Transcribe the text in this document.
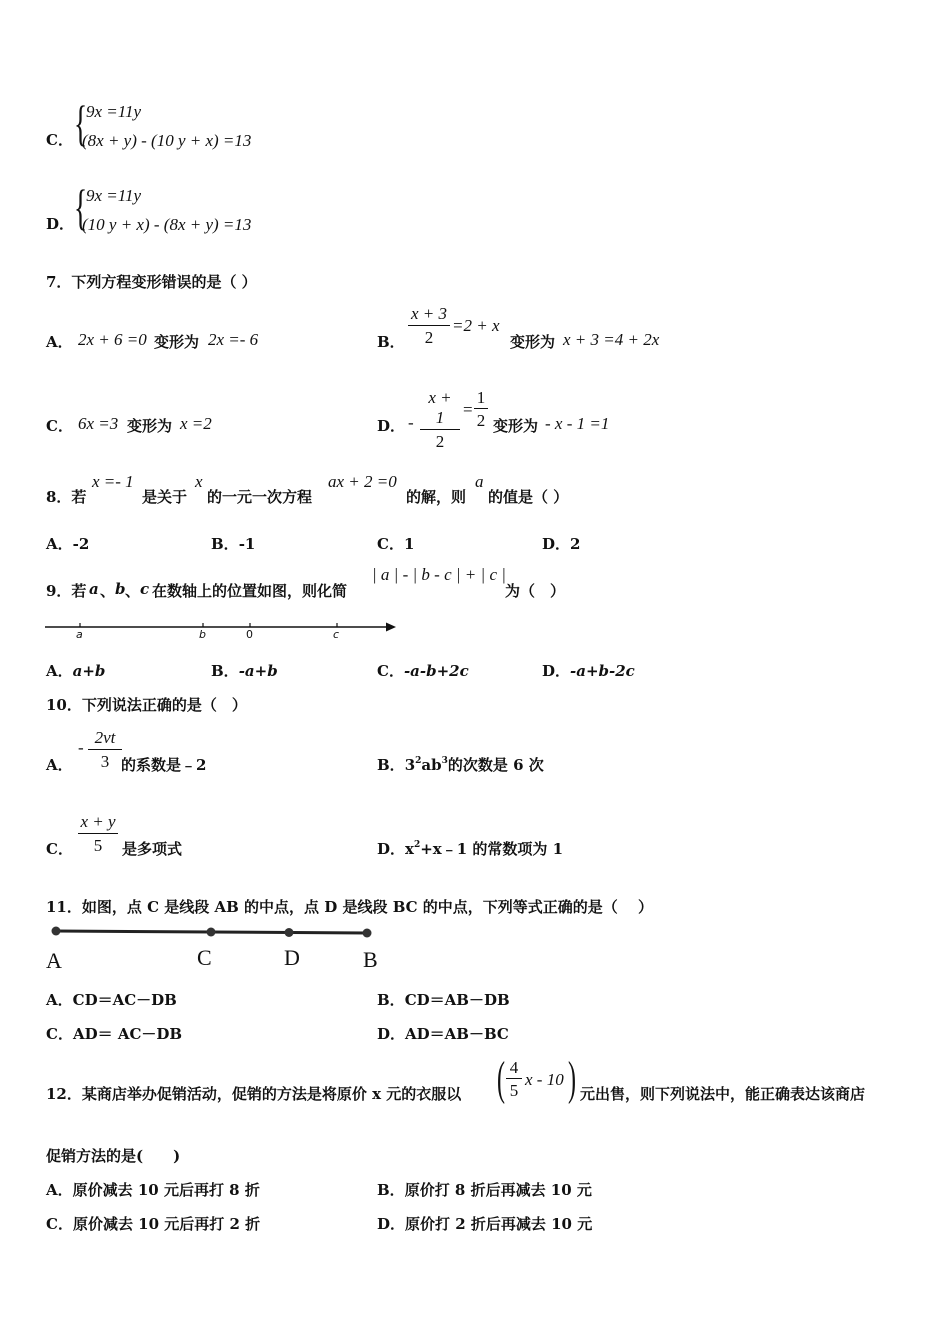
C． {
9x =11y
(8x + y) - (10 y + x) =13
D． {
9x =11y
(10 y + x) - (8x + y) =13
7．下列方程变形错误的是（ ）
A． 2x + 6 =0 变形为 2x =- 6	B． $\frac{x + 3}{2} =2 + x$
变形为 x + 3 =4 + 2x
C． 6x =3 变形为 x =2	D． - $\frac{x + 1}{2} = \frac{1}{2}$ 变形为 - x - 1 =1
8．若
x =- 1
是关于
x
的一元一次方程
ax + 2 =0
的解，则
a
的值是（ ）
A．-2	B．-1	C．1	D．2
9．若 a 、 b 、 c 在数轴上的位置如图，则化简
| a | - | b - c | + | c |
为（　）
a	b	0	c
A．a+b	B．-a+b	C．-a-b+2c	D．-a+b-2c
10．下列说法正确的是（　）
A．
- $\frac{2vt}{3}$ 的系数是﹣2	B．$3^2ab^3$的次数是 6 次
C． $\frac{x + y}{5}$ 是多项式	D．$x^2+x﹣1$ 的常数项为 1
11．如图，点 C 是线段 AB 的中点，点 D 是线段 BC 的中点，下列等式正确的是（　 ）
A	C	D	B
A．CD＝AC－DB	B．CD＝AB－DB
C．AD＝ AC－DB	D．AD＝AB－BC
12．某商店举办促销活动，促销的方法是将原价 x 元的衣服以 ( $\frac{4}{5}$ x - 10 ) 元出售，则下列说法中，能正确表达该商店
促销方法的是(　　)
A．原价减去 10 元后再打 8 折	B．原价打 8 折后再减去 10 元
C．原价减去 10 元后再打 2 折	D．原价打 2 折后再减去 10 元
